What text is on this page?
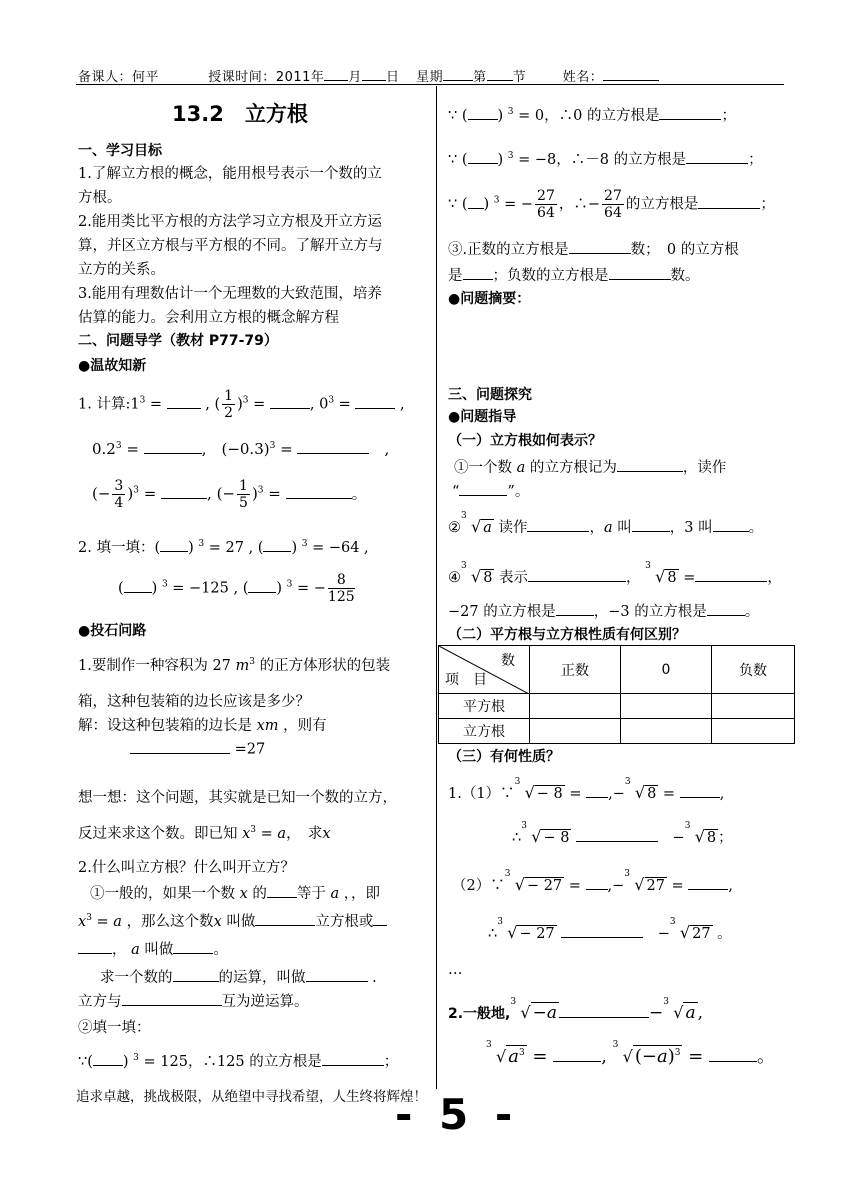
备课人：何平	授课时间：2011年 月 日 星期 第 节	姓名：
13.2　立方根
一、学习目标
1.了解立方根的概念，能用根号表示一个数的立
方根。
2.能用类比平方根的方法学习立方根及开立方运
算，并区立方根与平方根的不同。了解开立方与
立方的关系。
3.能用有理数估计一个无理数的大致范围，培养
估算的能力。会利用立方根的概念解方程
二、问题导学（教材 P77-79）
●温故知新
1. 计算$:1^3$ =  , ( $\frac{1}{2} )^3$ =	, $0^3$ =	,
$0.2^3$ =	,　$(-0.3)^3$ =	　,
(− $\frac{3}{4} )^3$ =	, (− $\frac{1}{5} )^3$ =	。
2. 填一填：( ) $^3$ = 27 , ( ) $^3$ = −64 ,
( ) $^3$ = −125 , ( ) $^3$ = − $\frac{8}{125}$
●投石问路
1.要制作一种容积为 27 $m^3$ 的正方体形状的包装
箱，这种包装箱的边长应该是多少？
解：设这种包装箱的边长是 xm ，则有
=27
想一想：这个问题，其实就是已知一个数的立方，
反过来求这个数。即已知 $x^3 = a$，　求x
2.什么叫立方根？什么叫开立方？
①一般的，如果一个数 x 的 等于 a ，，即
$x^3 = a$ ，那么这个数x 叫做	立方根或
， a 叫做	。
求一个数的	的运算，叫做	.
立方与	互为逆运算。
②填一填：
∵( ) $^3$ = 125，∴125 的立方根是	；
∵ ( ) $^3$ = 0，∴0 的立方根是	；
∵ ( ) $^3$ = −8，∴－8 的立方根是	；
∵ ( ) $^3$ = − $\frac{27}{64}$ ，∴− $\frac{27}{64}$ 的立方根是	；
③.正数的立方根是	数；　0 的立方根
是 ；负数的立方根是	数。
●问题摘要：
三、问题探究
●问题指导
（一）立方根如何表示？
①一个数 a 的立方根记为	，读作
“	”。
②
3
√ a 读作	，a 叫	，3 叫 。
④
3
√ 8 表示	，
3
√ 8 =	，
−27 的立方根是	，−3 的立方根是	。
（二）平方根与立方根性质有何区别？
数
项　目	正数	0	负数
平方根			
立方根			
（三）有何性质？
1.（1）∵
3
√ − 8 = ,−
3
√ 8 =	,
∴
3
√ − 8	　−
3
√ 8 ；
（2）∵
3
√ − 27 = ,−
3
√ 27 =	,
∴
3
√ − 27	　−
3
√ 27 。
…
2.一般地,
3
√ −a	−
3
√ a ,
3
√ $a^3$ =	,
3
√ $(-a)^3$ =	。
追求卓越，挑战极限，从绝望中寻找希望，人生终将辉煌！
- 5 -
